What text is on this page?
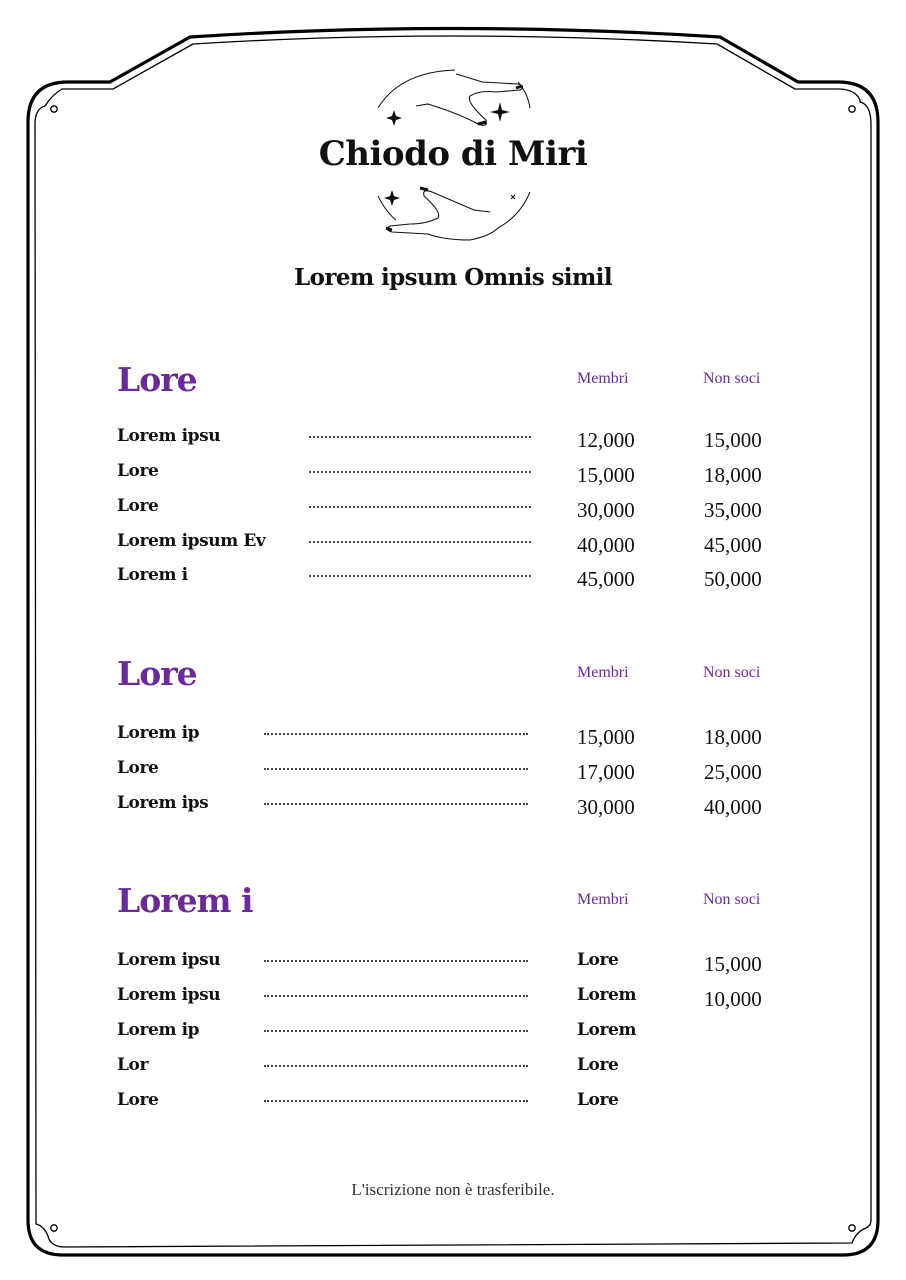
Chiodo di Miri
Lorem ipsum Omnis simil
Lore	Membri	Non soci
Lorem ipsu	12,000	15,000
Lore	15,000	18,000
Lore	30,000	35,000
Lorem ipsum Ev	40,000	45,000
Lorem i	45,000	50,000
Lore	Membri	Non soci
Lorem ip	15,000	18,000
Lore	17,000	25,000
Lorem ips	30,000	40,000
Lorem i	Membri	Non soci
Lorem ipsu	Lore	15,000
Lorem ipsu	Lorem	10,000
Lorem ip	Lorem
Lor	Lore
Lore	Lore
L'iscrizione non è trasferibile.
